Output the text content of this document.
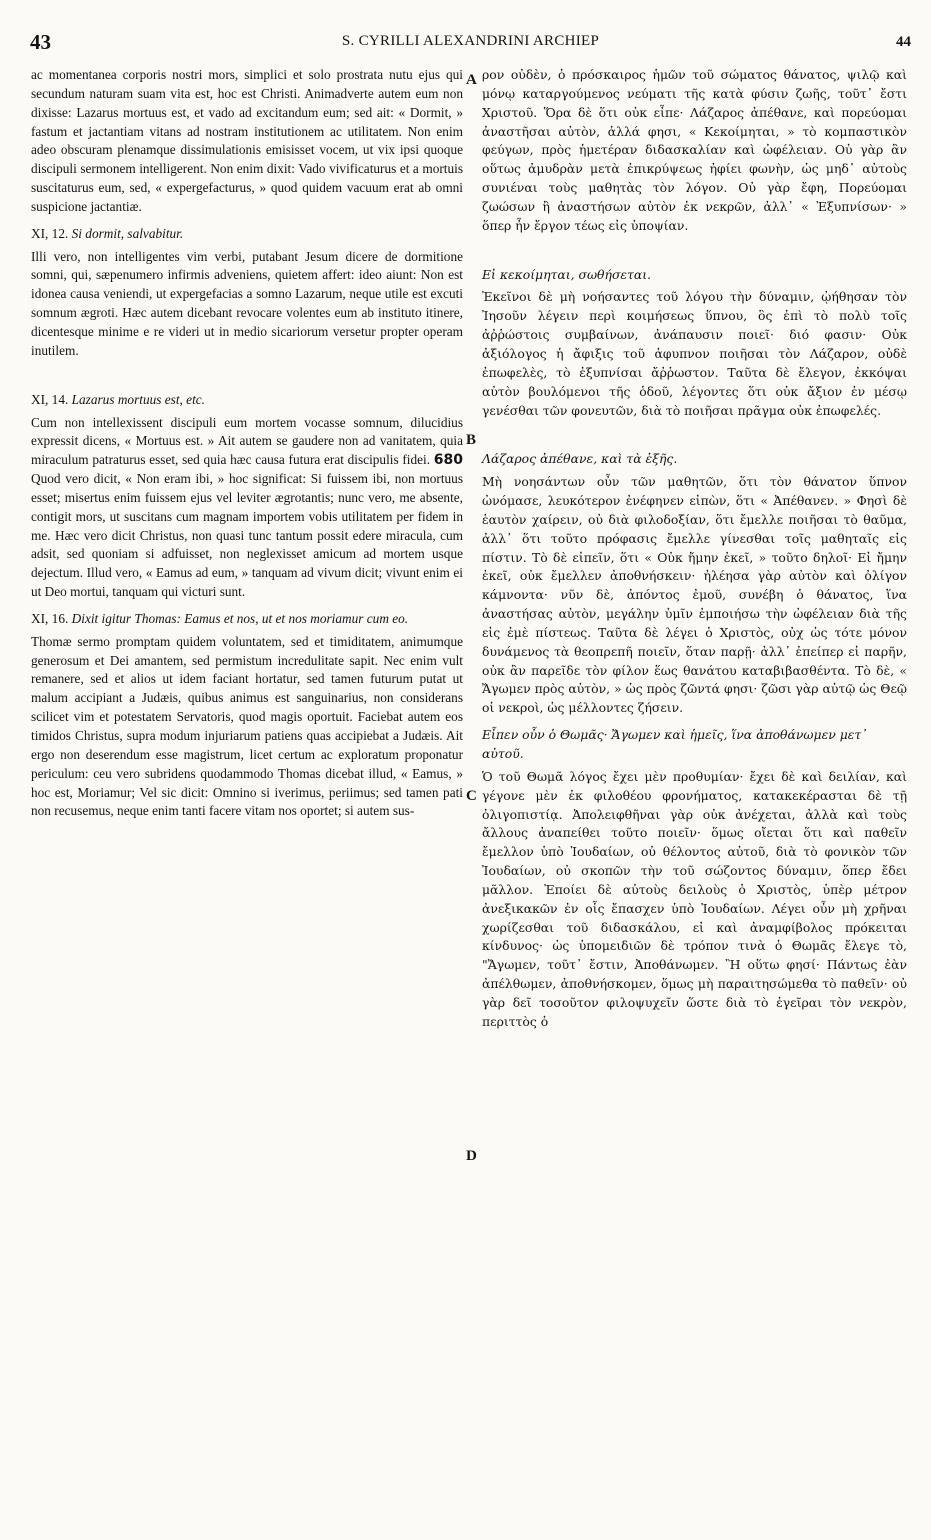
43	S. CYRILLI ALEXANDRINI ARCHIEP	44
A
B
C
D

ac momentanea corporis nostri mors, simplici et solo prostrata nutu ejus qui secundum naturam suam vita est, hoc est Christi. Animadverte autem eum non dixisse: Lazarus mortuus est, et vado ad excitandum eum; sed ait: « Dormit, » fastum et jactantiam vitans ad nostram institutionem ac utilitatem. Non enim adeo obscuram plenamque dissimulationis emisisset vocem, ut vix ipsi quoque discipuli sermonem intelligerent. Non enim dixit: Vado vivificaturus et a mortuis suscitaturus eum, sed, « expergefacturus, » quod quidem vacuum erat ab omni suspicione jactantiæ.

XI, 12. Si dormit, salvabitur.

Illi vero, non intelligentes vim verbi, putabant Jesum dicere de dormitione somni, qui, sæpenumero infirmis adveniens, quietem affert: ideo aiunt: Non est idonea causa veniendi, ut expergefacias a somno Lazarum, neque utile est excuti somnum ægroti. Hæc autem dicebant revocare volentes eum ab instituto itinere, dicentesque minime e re videri ut in medio sicariorum versetur propter operam inutilem.

XI, 14. Lazarus mortuus est, etc.

Cum non intellexissent discipuli eum mortem vocasse somnum, dilucidius expressit dicens, « Mortuus est. » Ait autem se gaudere non ad vanitatem, quia miraculum patraturus esset, sed quia hæc causa futura erat discipulis fidei. 680 Quod vero dicit, « Non eram ibi, » hoc significat: Si fuissem ibi, non mortuus esset; misertus enim fuissem ejus vel leviter ægrotantis; nunc vero, me absente, contigit mors, ut suscitans cum magnam importem vobis utilitatem per fidem in me. Hæc vero dicit Christus, non quasi tunc tantum possit edere miracula, cum adsit, sed quoniam si adfuisset, non neglexisset amicum ad mortem usque dejectum. Illud vero, « Eamus ad eum, » tanquam ad vivum dicit; vivunt enim ei ut Deo mortui, tanquam qui victuri sunt.

XI, 16. Dixit igitur Thomas: Eamus et nos, ut et nos moriamur cum eo.

Thomæ sermo promptam quidem voluntatem, sed et timiditatem, animumque generosum et Dei amantem, sed permistum incredulitate sapit. Nec enim vult remanere, sed et alios ut idem faciant hortatur, sed tamen futurum putat ut malum accipiant a Judæis, quibus animus est sanguinarius, non considerans scilicet vim et potestatem Servatoris, quod magis oportuit. Faciebat autem eos timidos Christus, supra modum injuriarum patiens quas accipiebat a Judæis. Ait ergo non deserendum esse magistrum, licet certum ac exploratum proponatur periculum: ceu vero subridens quodammodo Thomas dicebat illud, « Eamus, » hoc est, Moriamur; Vel sic dicit: Omnino si iverimus, periimus; sed tamen pati non recusemus, neque enim tanti facere vitam nos oportet; si autem sus-

ρον οὐδὲν, ὁ πρόσκαιρος ἡμῶν τοῦ σώματος θάνατος, ψιλῷ καὶ μόνῳ καταργούμενος νεύματι τῆς κατὰ φύσιν ζωῆς, τοῦτ᾽ ἔστι Χριστοῦ. Ὅρα δὲ ὅτι οὐκ εἶπε· Λάζαρος ἀπέθανε, καὶ πορεύομαι ἀναστῆσαι αὐτὸν, ἀλλά φησι, « Κεκοίμηται, » τὸ κομπαστικὸν φεύγων, πρὸς ἡμετέραν διδασκαλίαν καὶ ὠφέλειαν. Οὐ γὰρ ἂν οὕτως ἀμυδρὰν μετὰ ἐπικρύψεως ἠφίει φωνὴν, ὡς μηδ᾽ αὐτοὺς συνιέναι τοὺς μαθητὰς τὸν λόγον. Οὐ γὰρ ἔφη, Πορεύομαι ζωώσων ἢ ἀναστήσων αὐτὸν ἐκ νεκρῶν, ἀλλ᾽ « Ἐξυπνίσων· » ὅπερ ἦν ἔργον τέως εἰς ὑποψίαν.

Εἰ κεκοίμηται, σωθήσεται.

Ἐκεῖνοι δὲ μὴ νοήσαντες τοῦ λόγου τὴν δύναμιν, ᾠήθησαν τὸν Ἰησοῦν λέγειν περὶ κοιμήσεως ὕπνου, ὃς ἐπὶ τὸ πολὺ τοῖς ἀῤῥώστοις συμβαίνων, ἀνάπαυσιν ποιεῖ· διό φασιν· Οὐκ ἀξιόλογος ἡ ἄφιξις τοῦ ἀφυπνον ποιῆσαι τὸν Λάζαρον, οὐδὲ ἐπωφελὲς, τὸ ἐξυπνίσαι ἄῤῥωστον. Ταῦτα δὲ ἔλεγον, ἐκκόψαι αὐτὸν βουλόμενοι τῆς ὁδοῦ, λέγοντες ὅτι οὐκ ἄξιον ἐν μέσῳ γενέσθαι τῶν φονευτῶν, διὰ τὸ ποιῆσαι πρᾶγμα οὐκ ἐπωφελές.

Λάζαρος ἀπέθανε, καὶ τὰ ἑξῆς.

Μὴ νοησάντων οὖν τῶν μαθητῶν, ὅτι τὸν θάνατον ὕπνον ὠνόμασε, λευκότερον ἐνέφηνεν εἰπὼν, ὅτι « Ἀπέθανεν. » Φησὶ δὲ ἑαυτὸν χαίρειν, οὐ διὰ φιλοδοξίαν, ὅτι ἔμελλε ποιῆσαι τὸ θαῦμα, ἀλλ᾽ ὅτι τοῦτο πρόφασις ἔμελλε γίνεσθαι τοῖς μαθηταῖς εἰς πίστιν. Τὸ δὲ εἰπεῖν, ὅτι « Οὐκ ἤμην ἐκεῖ, » τοῦτο δηλοῖ· Εἰ ἤμην ἐκεῖ, οὐκ ἔμελλεν ἀποθνήσκειν· ἠλέησα γὰρ αὐτὸν καὶ ὀλίγον κάμνοντα· νῦν δὲ, ἀπόντος ἐμοῦ, συνέβη ὁ θάνατος, ἵνα ἀναστήσας αὐτὸν, μεγάλην ὑμῖν ἐμποιήσω τὴν ὠφέλειαν διὰ τῆς εἰς ἐμὲ πίστεως. Ταῦτα δὲ λέγει ὁ Χριστὸς, οὐχ ὡς τότε μόνον δυνάμενος τὰ θεοπρεπῆ ποιεῖν, ὅταν παρῇ· ἀλλ᾽ ἐπείπερ εἰ παρῆν, οὐκ ἂν παρεῖδε τὸν φίλον ἕως θανάτου καταβιβασθέντα. Τὸ δὲ, « Ἄγωμεν πρὸς αὐτὸν, » ὡς πρὸς ζῶντά φησι· ζῶσι γὰρ αὐτῷ ὡς Θεῷ οἱ νεκροὶ, ὡς μέλλοντες ζήσειν.

Εἶπεν οὖν ὁ Θωμᾶς· Ἄγωμεν καὶ ἡμεῖς, ἵνα ἀποθάνωμεν μετ᾽ αὐτοῦ.

Ὁ τοῦ Θωμᾶ λόγος ἔχει μὲν προθυμίαν· ἔχει δὲ καὶ δειλίαν, καὶ γέγονε μὲν ἐκ φιλοθέου φρονήματος, κατακεκέρασται δὲ τῇ ὀλιγοπιστίᾳ. Ἀπολειφθῆναι γὰρ οὐκ ἀνέχεται, ἀλλὰ καὶ τοὺς ἄλλους ἀναπείθει τοῦτο ποιεῖν· ὅμως οἴεται ὅτι καὶ παθεῖν ἔμελλον ὑπὸ Ἰουδαίων, οὐ θέλοντος αὐτοῦ, διὰ τὸ φονικὸν τῶν Ἰουδαίων, οὐ σκοπῶν τὴν τοῦ σώζοντος δύναμιν, ὅπερ ἔδει μᾶλλον. Ἐποίει δὲ αὐτοὺς δειλοὺς ὁ Χριστὸς, ὑπὲρ μέτρον ἀνεξικακῶν ἐν οἷς ἔπασχεν ὑπὸ Ἰουδαίων. Λέγει οὖν μὴ χρῆναι χωρίζεσθαι τοῦ διδασκάλου, εἰ καὶ ἀναμφίβολος πρόκειται κίνδυνος· ὡς ὑπομειδιῶν δὲ τρόπον τινὰ ὁ Θωμᾶς ἔλεγε τὸ, "Ἄγωμεν, τοῦτ᾽ ἔστιν, Ἀποθάνωμεν. Ἢ οὕτω φησί· Πάντως ἐὰν ἀπέλθωμεν, ἀποθνήσκομεν, ὅμως μὴ παραιτησώμεθα τὸ παθεῖν· οὐ γὰρ δεῖ τοσοῦτον φιλοψυχεῖν ὥστε διὰ τὸ ἐγεῖραι τὸν νεκρὸν, περιττὸς ὁ
